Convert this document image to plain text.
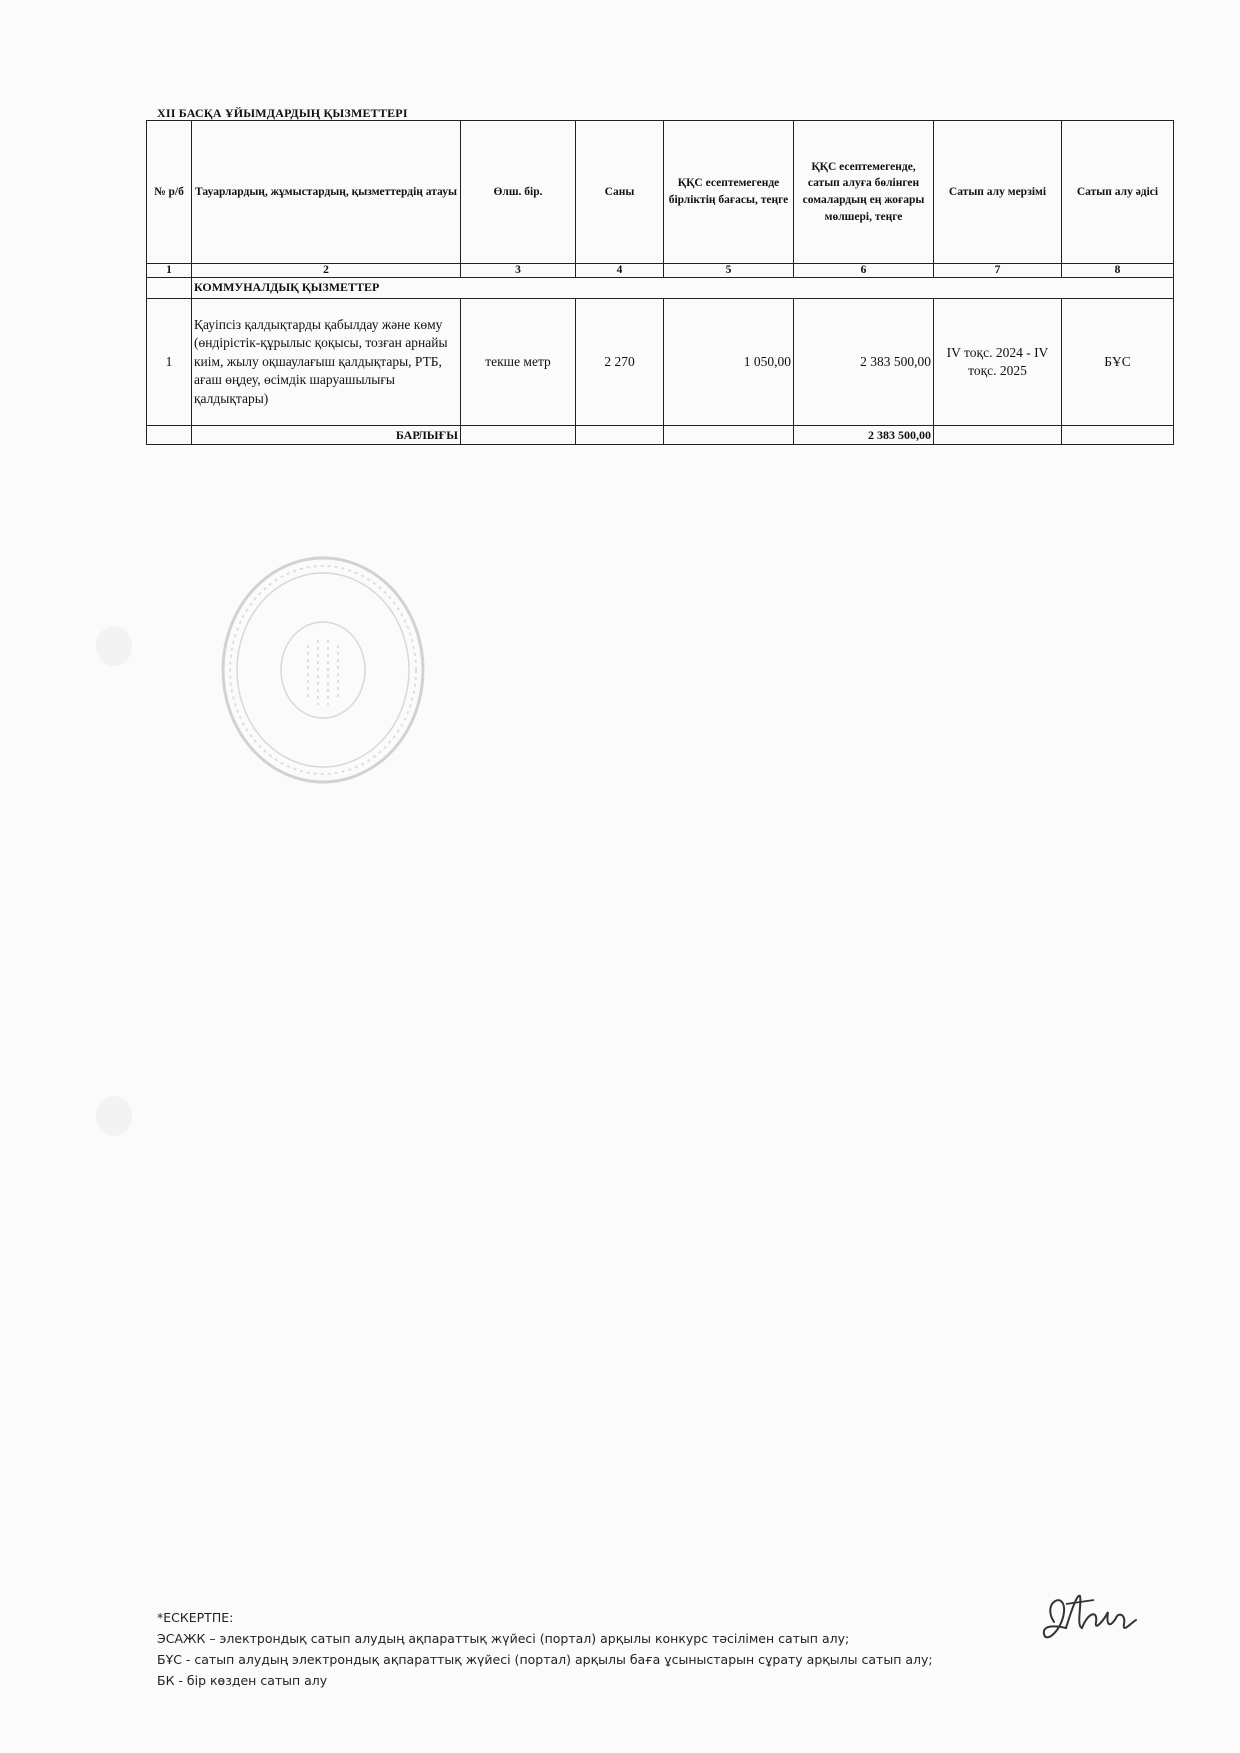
XII БАСҚА ҰЙЫМДАРДЫҢ ҚЫЗМЕТТЕРІ
№ р/б	Тауарлардың, жұмыстардың, қызметтердің атауы	Өлш. бір.	Саны	ҚҚС есептемегенде бірліктің бағасы, теңге	ҚҚС есептемегенде, сатып алуға бөлінген сомалардың ең жоғары мөлшері, теңге	Сатып алу мерзімі	Сатып алу әдісі
1	2	3	4	5	6	7	8
	КОММУНАЛДЫҚ ҚЫЗМЕТТЕР						
1	Қауіпсіз қалдықтарды қабылдау және көму (өндірістік-құрылыс қоқысы, тозған арнайы киім, жылу оқшаулағыш қалдықтары, РТБ, ағаш өңдеу, өсімдік шаруашылығы қалдықтары)	текше метр	2 270	1 050,00	2 383 500,00	IV тоқс. 2024 - IV тоқс. 2025	БҰС
	БАРЛЫҒЫ				2 383 500,00		
*ЕСКЕРТПЕ:
ЭСАЖК – электрондық сатып алудың ақпараттық жүйесі (портал) арқылы конкурс тәсілімен сатып алу;
БҰС - сатып алудың электрондық ақпараттық жүйесі (портал) арқылы баға ұсыныстарын сұрату арқылы сатып алу;
БК - бір көзден сатып алу
